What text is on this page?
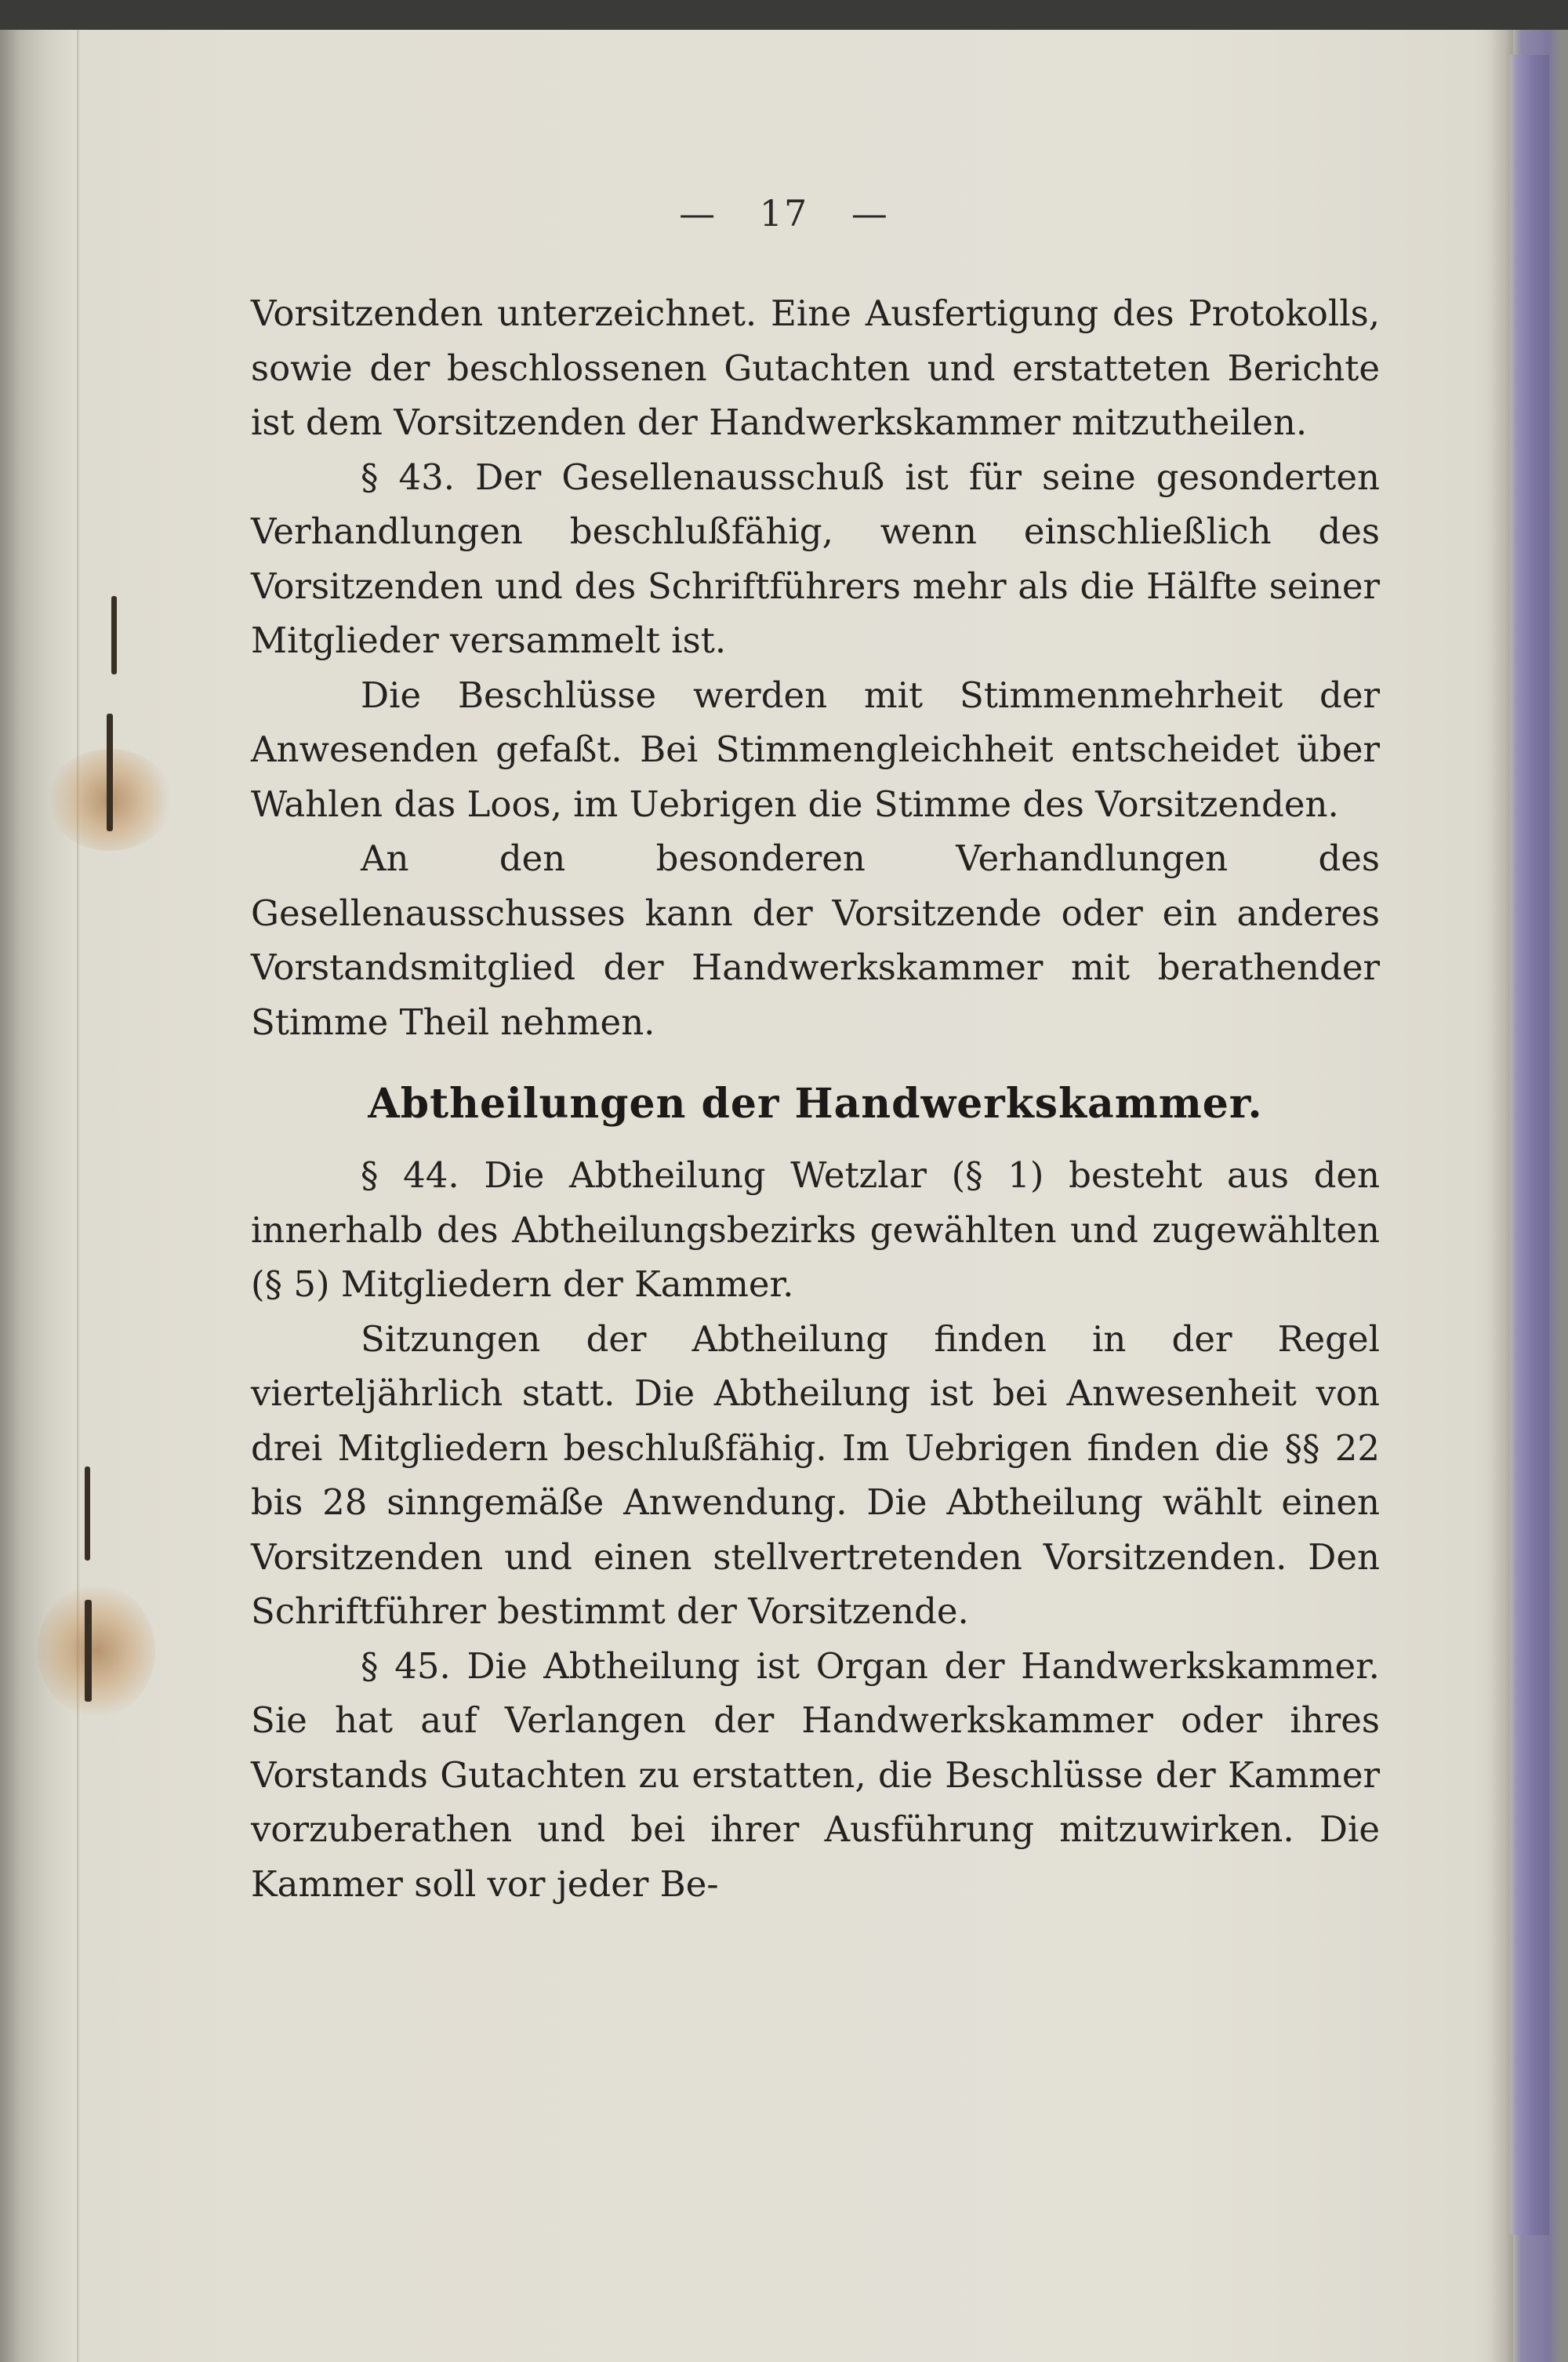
— 17 —

Vorsitzenden unterzeichnet. Eine Ausfertigung des Protokolls, sowie der beschlossenen Gutachten und erstatteten Berichte ist dem Vorsitzenden der Handwerkskammer mitzutheilen.

§ 43. Der Gesellenausschuß ist für seine gesonderten Verhandlungen beschlußfähig, wenn einschließlich des Vorsitzenden und des Schriftführers mehr als die Hälfte seiner Mitglieder versammelt ist.

Die Beschlüsse werden mit Stimmenmehrheit der Anwesenden gefaßt. Bei Stimmengleichheit entscheidet über Wahlen das Loos, im Uebrigen die Stimme des Vorsitzenden.

An den besonderen Verhandlungen des Gesellenausschusses kann der Vorsitzende oder ein anderes Vorstandsmitglied der Handwerkskammer mit berathender Stimme Theil nehmen.

Abtheilungen der Handwerkskammer.

§ 44. Die Abtheilung Wetzlar (§ 1) besteht aus den innerhalb des Abtheilungsbezirks gewählten und zugewählten (§ 5) Mitgliedern der Kammer.

Sitzungen der Abtheilung finden in der Regel vierteljährlich statt. Die Abtheilung ist bei Anwesenheit von drei Mitgliedern beschlußfähig. Im Uebrigen finden die §§ 22 bis 28 sinngemäße Anwendung. Die Abtheilung wählt einen Vorsitzenden und einen stellvertretenden Vorsitzenden. Den Schriftführer bestimmt der Vorsitzende.

§ 45. Die Abtheilung ist Organ der Handwerkskammer. Sie hat auf Verlangen der Handwerkskammer oder ihres Vorstands Gutachten zu erstatten, die Beschlüsse der Kammer vorzuberathen und bei ihrer Ausführung mitzuwirken. Die Kammer soll vor jeder Be-
